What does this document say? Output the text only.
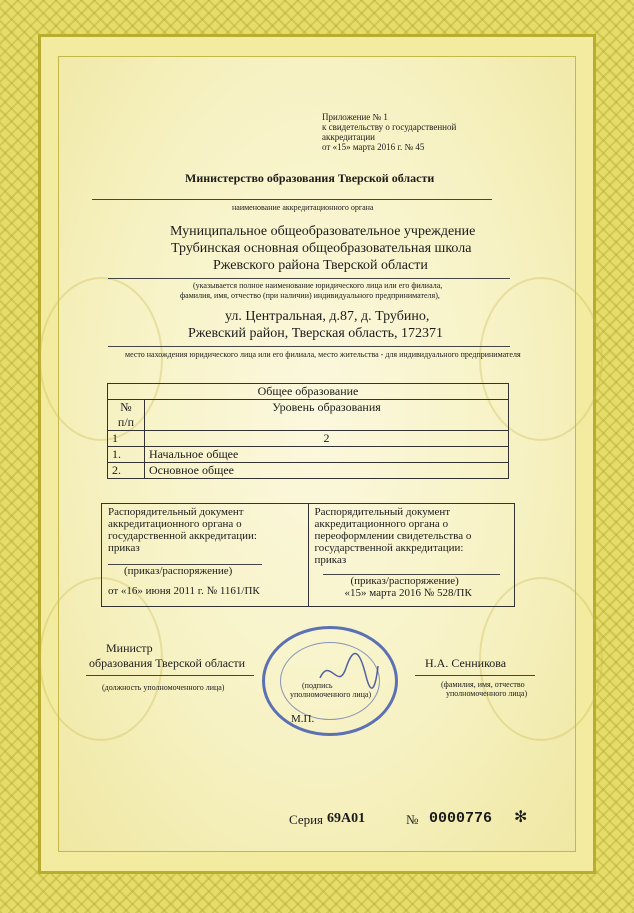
Приложение № 1
к свидетельству о государственной
аккредитации
от «15» марта 2016 г. № 45
Министерство образования Тверской области
наименование аккредитационного органа
Муниципальное общеобразовательное учреждение
Трубинская основная общеобразовательная школа
Ржевского района Тверской области
(указывается полное наименование юридического лица или его филиала,
фамилия, имя, отчество (при наличии) индивидуального предпринимателя),
ул. Центральная, д.87, д. Трубино,
Ржевский район, Тверская область, 172371
место нахождения юридического лица или его филиала, место жительства - для индивидуального предпринимателя
Общее образование	

№
п/п	Уровень образования
1	2
1.	Начальное общее
2.	Основное общее
Распорядительный документ
аккредитационного органа о
государственной аккредитации:
приказ
(приказ/распоряжение)
от «16» июня 2011 г. № 1161/ПК

Распорядительный документ
аккредитационного органа о
переоформлении свидетельства о
государственной аккредитации:
приказ
(приказ/распоряжение)
«15» марта 2016 № 528/ПК
Министр
образования Тверской области
(должность уполномоченного лица)	(подпись
уполномоченного лица)
М.П.
Н.А. Сенникова
(фамилия, имя, отчество
уполномоченного лица)
Серия 69А01	№ 0000776 ✻
